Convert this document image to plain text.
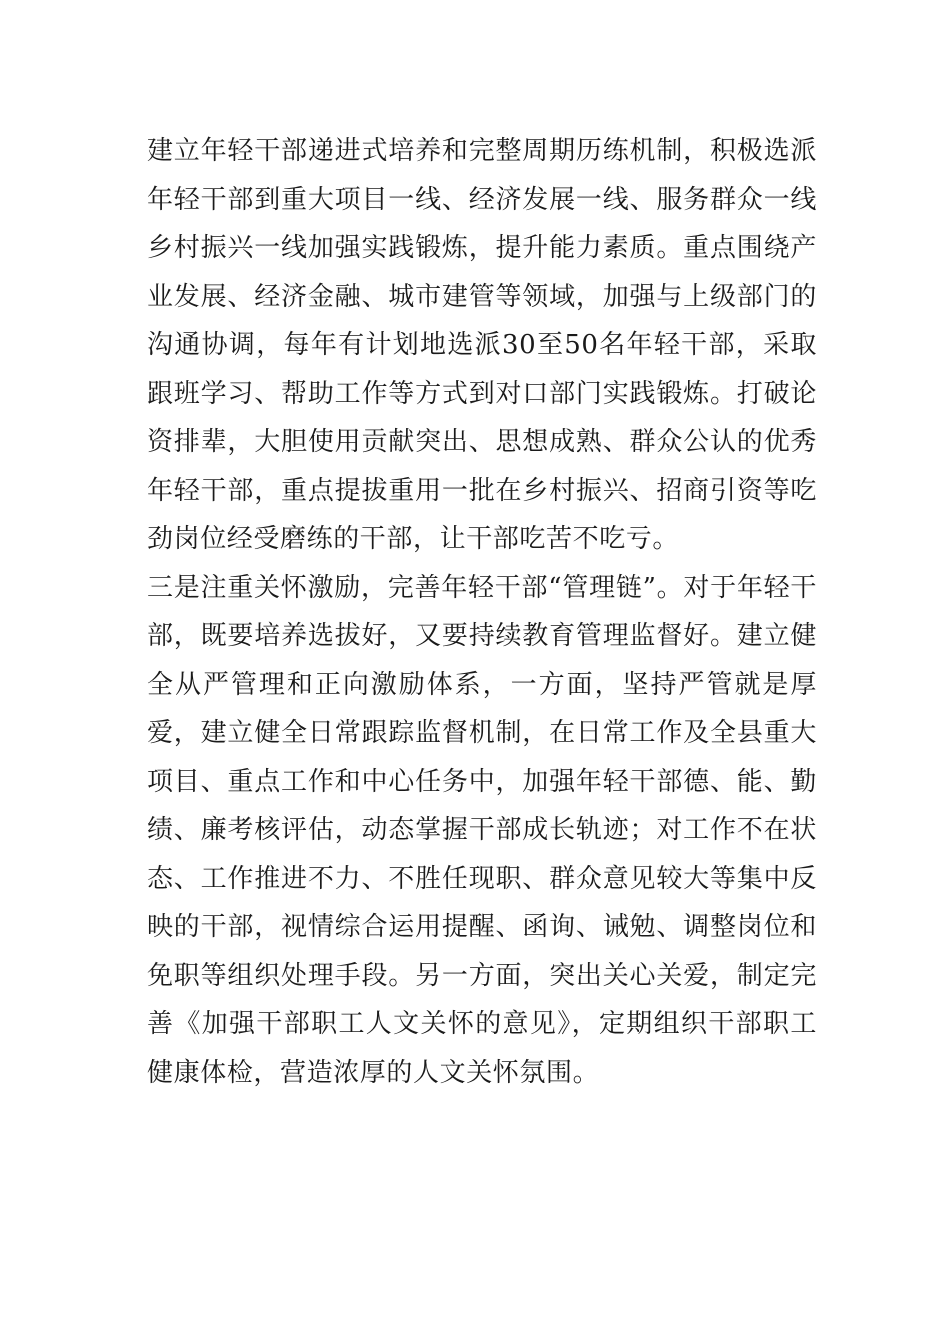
建立年轻干部递进式培养和完整周期历练机制，积极选派年轻干部到重大项目一线、经济发展一线、服务群众一线乡村振兴一线加强实践锻炼，提升能力素质。重点围绕产业发展、经济金融、城市建管等领域，加强与上级部门的沟通协调，每年有计划地选派30至50名年轻干部，采取跟班学习、帮助工作等方式到对口部门实践锻炼。打破论资排辈，大胆使用贡献突出、思想成熟、群众公认的优秀年轻干部，重点提拔重用一批在乡村振兴、招商引资等吃劲岗位经受磨练的干部，让干部吃苦不吃亏。

三是注重关怀激励，完善年轻干部“管理链”。对于年轻干部，既要培养选拔好，又要持续教育管理监督好。建立健全从严管理和正向激励体系，一方面，坚持严管就是厚爱，建立健全日常跟踪监督机制，在日常工作及全县重大项目、重点工作和中心任务中，加强年轻干部德、能、勤绩、廉考核评估，动态掌握干部成长轨迹；对工作不在状态、工作推进不力、不胜任现职、群众意见较大等集中反映的干部，视情综合运用提醒、函询、诫勉、调整岗位和免职等组织处理手段。另一方面，突出关心关爱，制定完善《加强干部职工人文关怀的意见》，定期组织干部职工健康体检，营造浓厚的人文关怀氛围。
